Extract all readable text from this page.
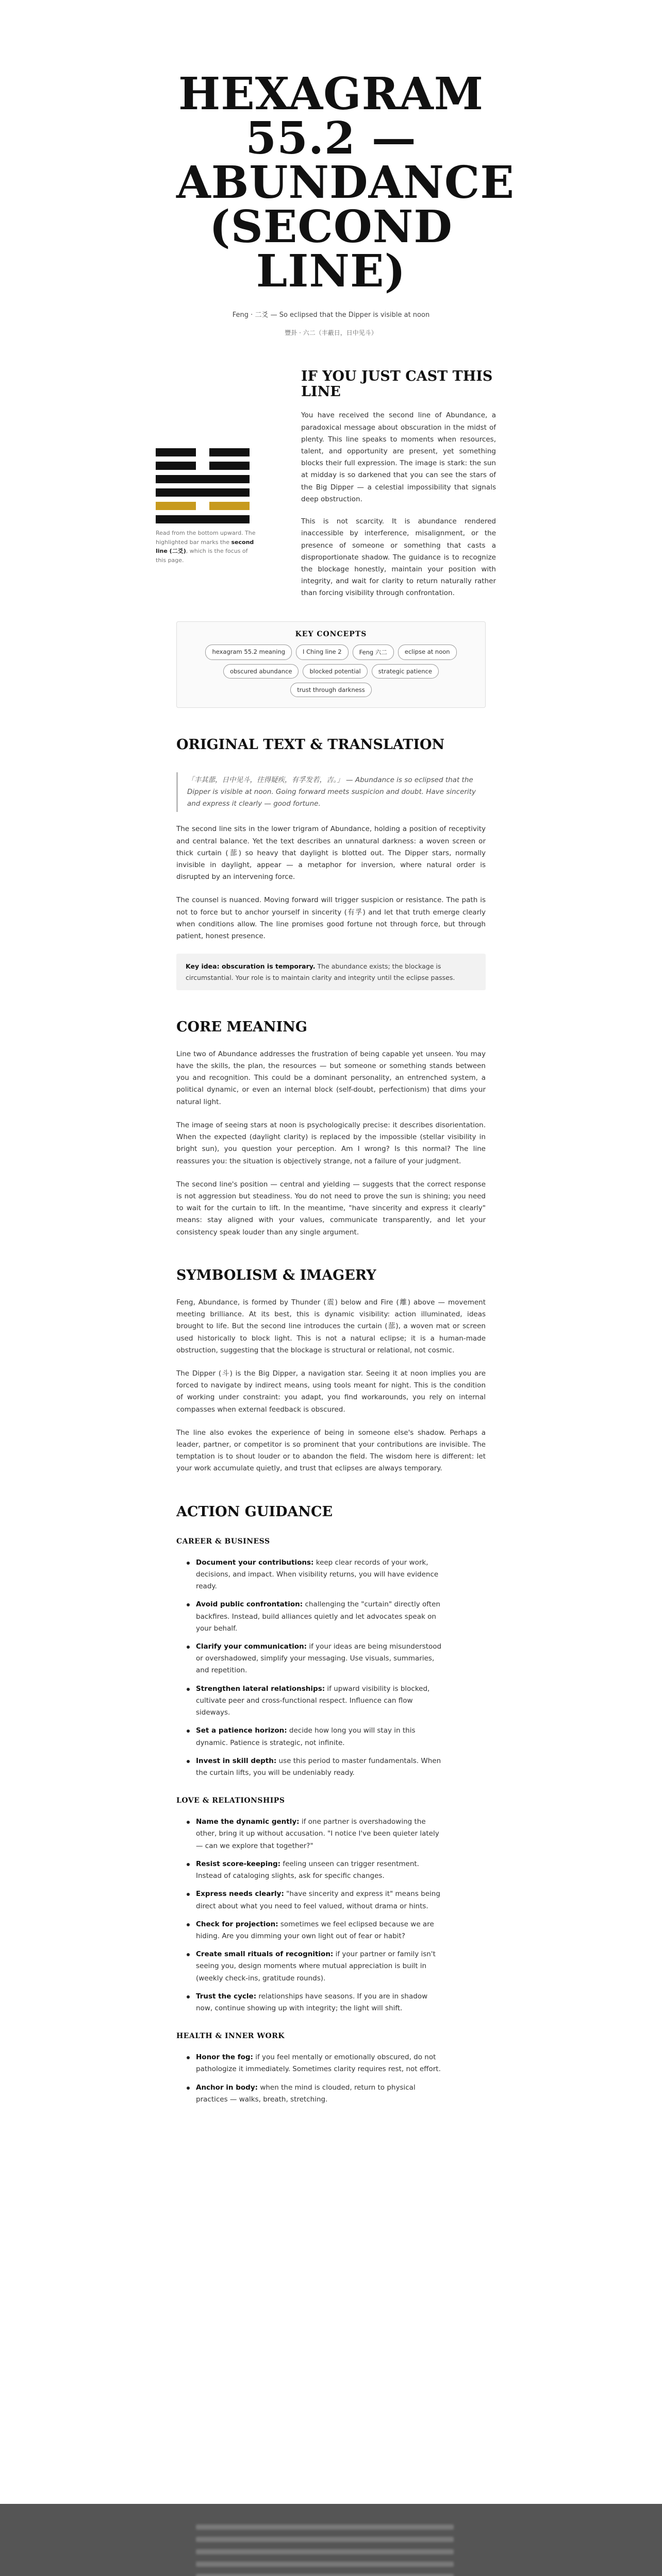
HEXAGRAM 55.2 — ABUNDANCE (SECOND LINE)
Feng · 二爻 — So eclipsed that the Dipper is visible at noon
豐卦 · 六二（丰蔽日，日中见斗）
Read from the bottom upward. The highlighted bar marks the second line (二爻), which is the focus of this page.
IF YOU JUST CAST THIS LINE

You have received the second line of Abundance, a paradoxical message about obscuration in the midst of plenty. This line speaks to moments when resources, talent, and opportunity are present, yet something blocks their full expression. The image is stark: the sun at midday is so darkened that you can see the stars of the Big Dipper — a celestial impossibility that signals deep obstruction.

This is not scarcity. It is abundance rendered inaccessible by interference, misalignment, or the presence of someone or something that casts a disproportionate shadow. The guidance is to recognize the blockage honestly, maintain your position with integrity, and wait for clarity to return naturally rather than forcing visibility through confrontation.

KEY CONCEPTS
hexagram 55.2 meaning	I Ching line 2	Feng 六二	eclipse at noon
obscured abundance	blocked potential	strategic patience
trust through darkness
ORIGINAL TEXT & TRANSLATION
「丰其蔀，日中见斗，往得疑疾，有孚发若，吉。」 — Abundance is so eclipsed that the Dipper is visible at noon. Going forward meets suspicion and doubt. Have sincerity and express it clearly — good fortune.

The second line sits in the lower trigram of Abundance, holding a position of receptivity and central balance. Yet the text describes an unnatural darkness: a woven screen or thick curtain (蔀) so heavy that daylight is blotted out. The Dipper stars, normally invisible in daylight, appear — a metaphor for inversion, where natural order is disrupted by an intervening force.

The counsel is nuanced. Moving forward will trigger suspicion or resistance. The path is not to force but to anchor yourself in sincerity (有孚) and let that truth emerge clearly when conditions allow. The line promises good fortune not through force, but through patient, honest presence.

Key idea: obscuration is temporary. The abundance exists; the blockage is circumstantial. Your role is to maintain clarity and integrity until the eclipse passes.
CORE MEANING

Line two of Abundance addresses the frustration of being capable yet unseen. You may have the skills, the plan, the resources — but someone or something stands between you and recognition. This could be a dominant personality, an entrenched system, a political dynamic, or even an internal block (self-doubt, perfectionism) that dims your natural light.

The image of seeing stars at noon is psychologically precise: it describes disorientation. When the expected (daylight clarity) is replaced by the impossible (stellar visibility in bright sun), you question your perception. Am I wrong? Is this normal? The line reassures you: the situation is objectively strange, not a failure of your judgment.

The second line's position — central and yielding — suggests that the correct response is not aggression but steadiness. You do not need to prove the sun is shining; you need to wait for the curtain to lift. In the meantime, "have sincerity and express it clearly" means: stay aligned with your values, communicate transparently, and let your consistency speak louder than any single argument.

SYMBOLISM & IMAGERY

Feng, Abundance, is formed by Thunder (震) below and Fire (離) above — movement meeting brilliance. At its best, this is dynamic visibility: action illuminated, ideas brought to life. But the second line introduces the curtain (蔀), a woven mat or screen used historically to block light. This is not a natural eclipse; it is a human-made obstruction, suggesting that the blockage is structural or relational, not cosmic.

The Dipper (斗) is the Big Dipper, a navigation star. Seeing it at noon implies you are forced to navigate by indirect means, using tools meant for night. This is the condition of working under constraint: you adapt, you find workarounds, you rely on internal compasses when external feedback is obscured.

The line also evokes the experience of being in someone else's shadow. Perhaps a leader, partner, or competitor is so prominent that your contributions are invisible. The temptation is to shout louder or to abandon the field. The wisdom here is different: let your work accumulate quietly, and trust that eclipses are always temporary.

ACTION GUIDANCE
CAREER & BUSINESS
Document your contributions: keep clear records of your work, decisions, and impact. When visibility returns, you will have evidence ready.
Avoid public confrontation: challenging the "curtain" directly often backfires. Instead, build alliances quietly and let advocates speak on your behalf.
Clarify your communication: if your ideas are being misunderstood or overshadowed, simplify your messaging. Use visuals, summaries, and repetition.
Strengthen lateral relationships: if upward visibility is blocked, cultivate peer and cross-functional respect. Influence can flow sideways.
Set a patience horizon: decide how long you will stay in this dynamic. Patience is strategic, not infinite.
Invest in skill depth: use this period to master fundamentals. When the curtain lifts, you will be undeniably ready.
LOVE & RELATIONSHIPS
Name the dynamic gently: if one partner is overshadowing the other, bring it up without accusation. "I notice I've been quieter lately — can we explore that together?"
Resist score-keeping: feeling unseen can trigger resentment. Instead of cataloging slights, ask for specific changes.
Express needs clearly: "have sincerity and express it" means being direct about what you need to feel valued, without drama or hints.
Check for projection: sometimes we feel eclipsed because we are hiding. Are you dimming your own light out of fear or habit?
Create small rituals of recognition: if your partner or family isn't seeing you, design moments where mutual appreciation is built in (weekly check-ins, gratitude rounds).
Trust the cycle: relationships have seasons. If you are in shadow now, continue showing up with integrity; the light will shift.
HEALTH & INNER WORK
Honor the fog: if you feel mentally or emotionally obscured, do not pathologize it immediately. Sometimes clarity requires rest, not effort.
Anchor in body: when the mind is clouded, return to physical practices — walks, breath, stretching.
